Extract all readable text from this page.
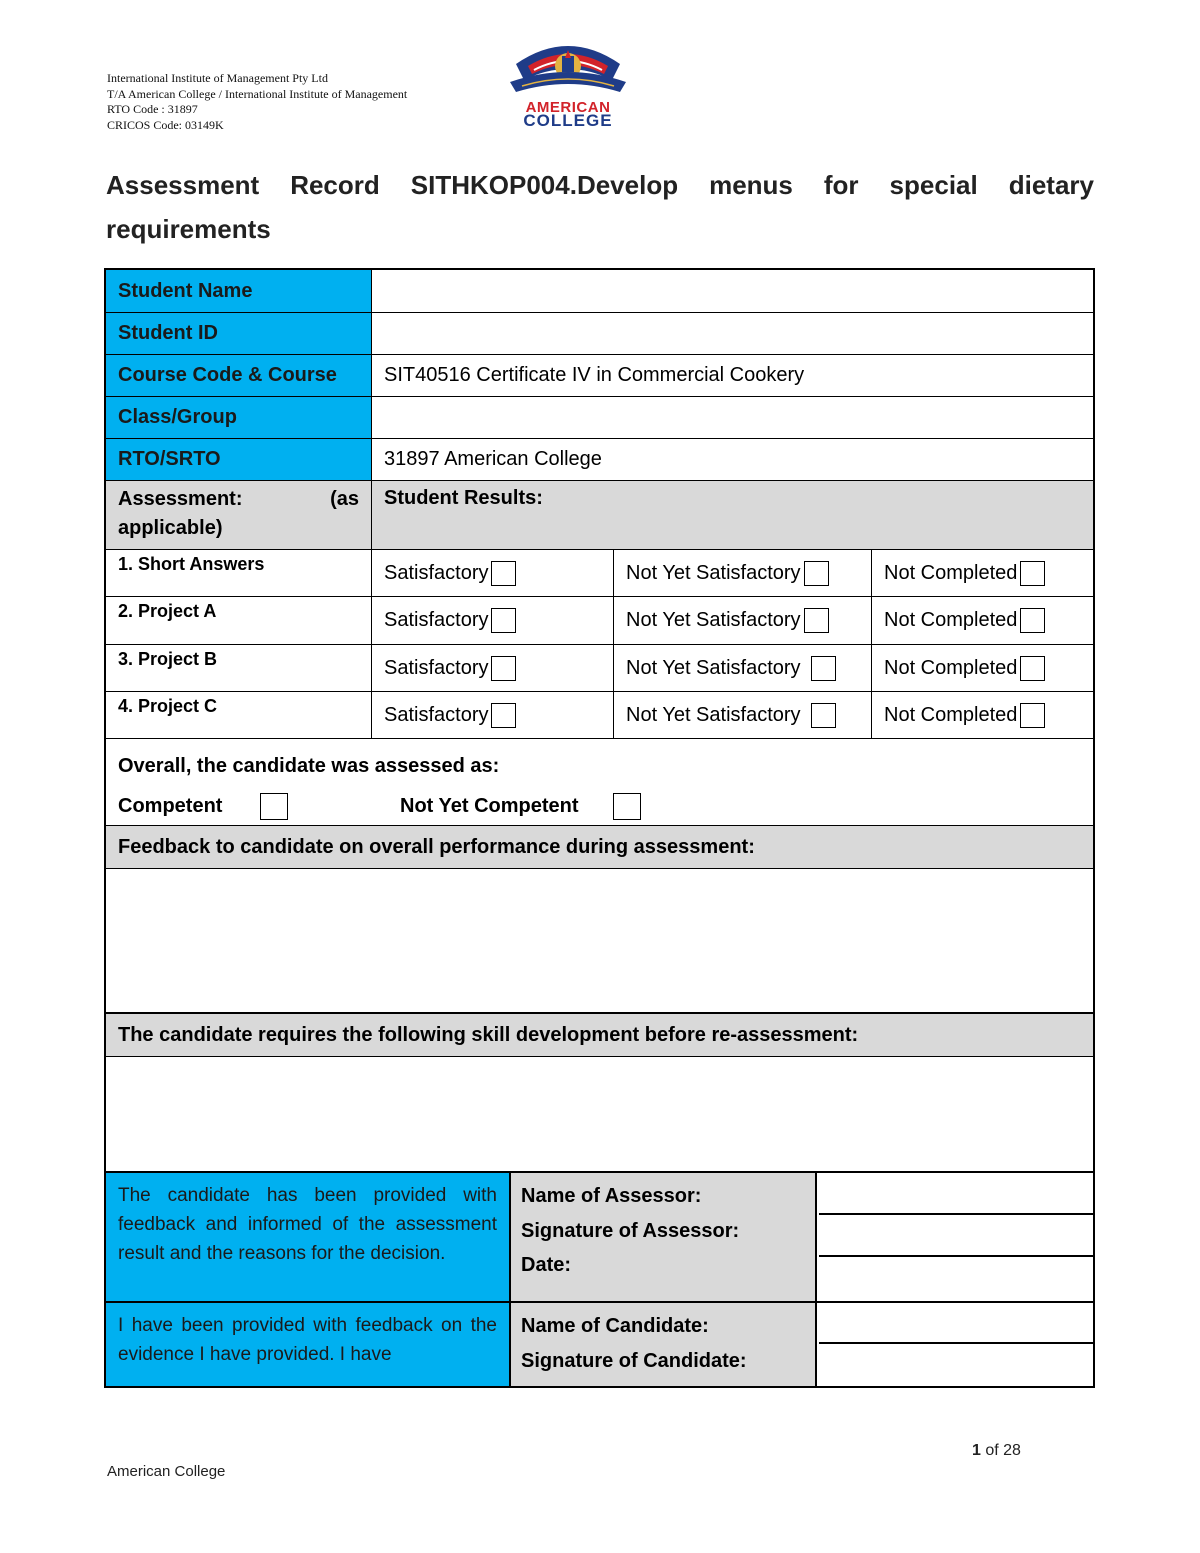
International Institute of Management Pty Ltd
T/A American College / International Institute of Management
RTO Code : 31897
CRICOS Code: 03149K
AMERICAN
COLLEGE
Assessment Record SITHKOP004.Develop menus for special dietary requirements
Student Name
Student ID
Course Code & Course	SIT40516 Certificate IV in Commercial Cookery
Class/Group
RTO/SRTO	31897 American College
Assessment: (as applicable)
Student Results:
1. Short Answers	Satisfactory	Not Yet Satisfactory	Not Completed
2. Project A	Satisfactory	Not Yet Satisfactory	Not Completed
3. Project B	Satisfactory	Not Yet Satisfactory	Not Completed
4. Project C	Satisfactory	Not Yet Satisfactory	Not Completed
Overall, the candidate was assessed as:
Competent	Not Yet Competent
Feedback to candidate on overall performance during assessment:
The candidate requires the following skill development before re-assessment:
The candidate has been provided with feedback and informed of the assessment result and the reasons for the decision.
Name of Assessor:
Signature of Assessor:
Date:
I have been provided with feedback on the evidence I have provided. I have
Name of Candidate:
Signature of Candidate:
1 of 28
American College
